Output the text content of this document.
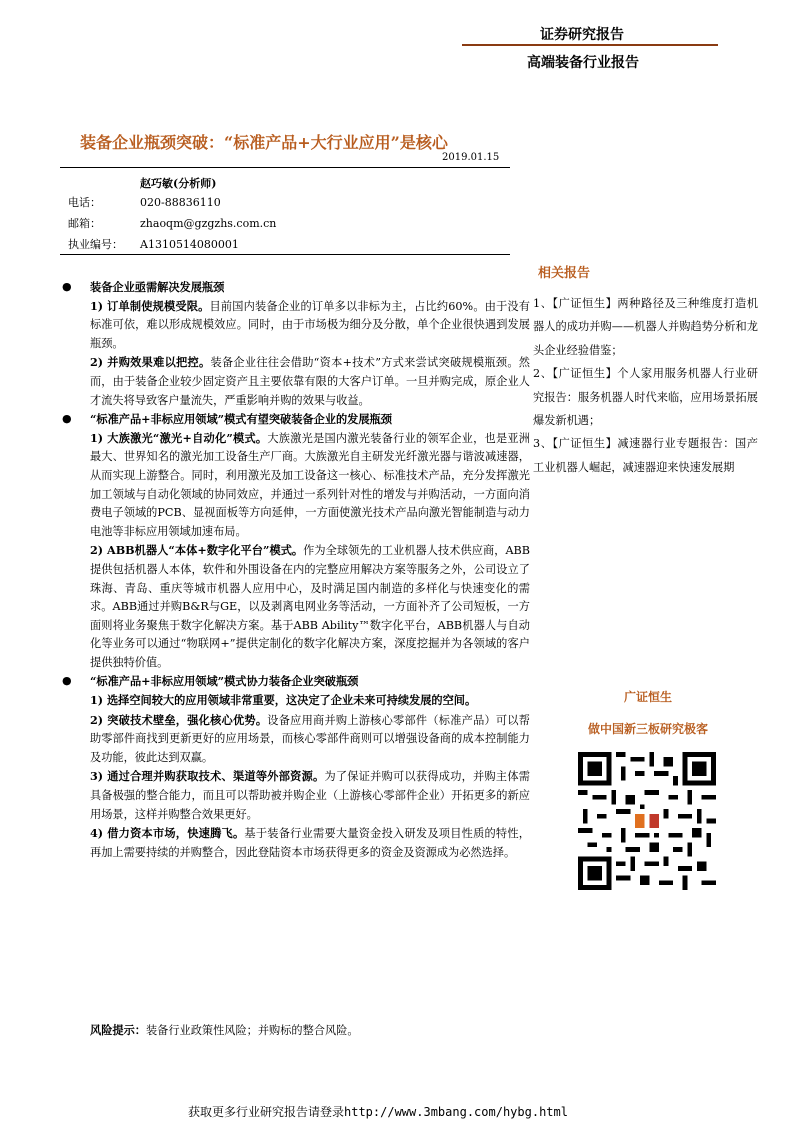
证券研究报告
高端装备行业报告
装备企业瓶颈突破：“标准产品+大行业应用”是核心
2019.01.15
赵巧敏(分析师)
电话：	020-88836110
邮箱：	zhaoqm@gzgzhs.com.cn
执业编号： A1310514080001
● 装备企业亟需解决发展瓶颈
1) 订单制使规模受限。目前国内装备企业的订单多以非标为主，占比约60%。由于没有标准可依，难以形成规模效应。同时，由于市场极为细分及分散，单个企业很快遇到发展瓶颈。
2) 并购效果难以把控。装备企业往往会借助“资本+技术”方式来尝试突破规模瓶颈。然而，由于装备企业较少固定资产且主要依靠有限的大客户订单。一旦并购完成，原企业人才流失将导致客户量流失，严重影响并购的效果与收益。
● “标准产品+非标应用领域”模式有望突破装备企业的发展瓶颈
1) 大族激光“激光+自动化”模式。大族激光是国内激光装备行业的领军企业，也是亚洲最大、世界知名的激光加工设备生产厂商。大族激光自主研发光纤激光器与谐波减速器，从而实现上游整合。同时，利用激光及加工设备这一核心、标准技术产品，充分发挥激光加工领域与自动化领域的协同效应，并通过一系列针对性的增发与并购活动，一方面向消费电子领域的PCB、显视面板等方向延伸，一方面使激光技术产品向激光智能制造与动力电池等非标应用领域加速布局。
2) ABB机器人“本体+数字化平台”模式。作为全球领先的工业机器人技术供应商，ABB提供包括机器人本体，软件和外围设备在内的完整应用解决方案等服务之外，公司设立了珠海、青岛、重庆等城市机器人应用中心，及时满足国内制造的多样化与快速变化的需求。ABB通过并购B&R与GE，以及剥离电网业务等活动，一方面补齐了公司短板，一方面则将业务聚焦于数字化解决方案。基于ABB Ability™数字化平台，ABB机器人与自动化等业务可以通过“物联网+”提供定制化的数字化解决方案，深度挖掘并为各领域的客户提供独特价值。
● “标准产品+非标应用领域”模式协力装备企业突破瓶颈
1) 选择空间较大的应用领域非常重要，这决定了企业未来可持续发展的空间。
2) 突破技术壁垒，强化核心优势。设备应用商并购上游核心零部件（标准产品）可以帮助零部件商找到更新更好的应用场景，而核心零部件商则可以增强设备商的成本控制能力及功能，彼此达到双赢。
3) 通过合理并购获取技术、渠道等外部资源。为了保证并购可以获得成功，并购主体需具备极强的整合能力，而且可以帮助被并购企业（上游核心零部件企业）开拓更多的新应用场景，这样并购整合效果更好。
4) 借力资本市场，快速腾飞。基于装备行业需要大量资金投入研发及项目性质的特性，再加上需要持续的并购整合，因此登陆资本市场获得更多的资金及资源成为必然选择。
相关报告
1、【广证恒生】两种路径及三种维度打造机器人的成功并购——机器人并购趋势分析和龙头企业经验借鉴；
2、【广证恒生】个人家用服务机器人行业研究报告：服务机器人时代来临，应用场景拓展爆发新机遇；
3、【广证恒生】减速器行业专题报告：国产工业机器人崛起，减速器迎来快速发展期
广证恒生
做中国新三板研究极客
风险提示：装备行业政策性风险；并购标的整合风险。
获取更多行业研究报告请登录http://www.3mbang.com/hybg.html
